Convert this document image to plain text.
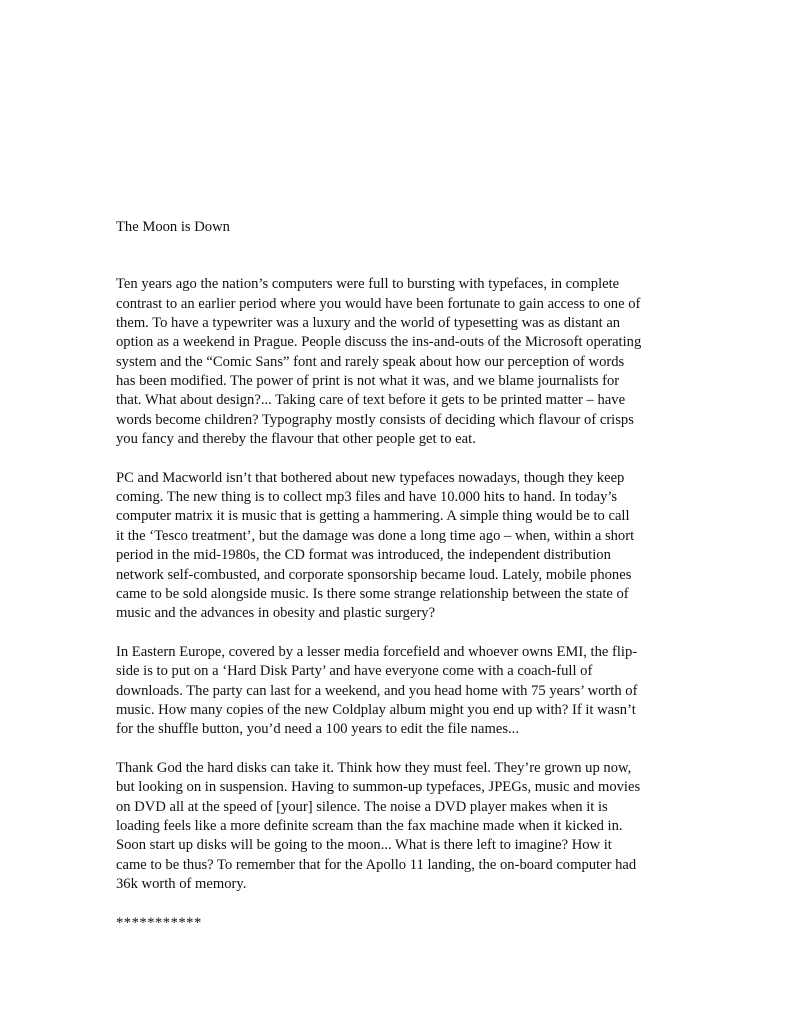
The Moon is Down
Ten years ago the nation’s computers were full to bursting with typefaces, in complete
contrast to an earlier period where you would have been fortunate to gain access to one of
them. To have a typewriter was a luxury and the world of typesetting was as distant an
option as a weekend in Prague. People discuss the ins-and-outs of the Microsoft operating
system and the “Comic Sans” font and rarely speak about how our perception of words
has been modified. The power of print is not what it was, and we blame journalists for
that. What about design?... Taking care of text before it gets to be printed matter – have
words become children? Typography mostly consists of deciding which flavour of crisps
you fancy and thereby the flavour that other people get to eat.
PC and Macworld isn’t that bothered about new typefaces nowadays, though they keep
coming. The new thing is to collect mp3 files and have 10.000 hits to hand. In today’s
computer matrix it is music that is getting a hammering. A simple thing would be to call
it the ‘Tesco treatment’, but the damage was done a long time ago – when, within a short
period in the mid-1980s, the CD format was introduced, the independent distribution
network self-combusted, and corporate sponsorship became loud. Lately, mobile phones
came to be sold alongside music. Is there some strange relationship between the state of
music and the advances in obesity and plastic surgery?
In Eastern Europe, covered by a lesser media forcefield and whoever owns EMI, the flip-
side is to put on a ‘Hard Disk Party’ and have everyone come with a coach-full of
downloads. The party can last for a weekend, and you head home with 75 years’ worth of
music. How many copies of the new Coldplay album might you end up with? If it wasn’t
for the shuffle button, you’d need a 100 years to edit the file names...
Thank God the hard disks can take it. Think how they must feel. They’re grown up now,
but looking on in suspension. Having to summon-up typefaces, JPEGs, music and movies
on DVD all at the speed of [your] silence. The noise a DVD player makes when it is
loading feels like a more definite scream than the fax machine made when it kicked in.
Soon start up disks will be going to the moon... What is there left to imagine? How it
came to be thus? To remember that for the Apollo 11 landing, the on-board computer had
36k worth of memory.
***********
